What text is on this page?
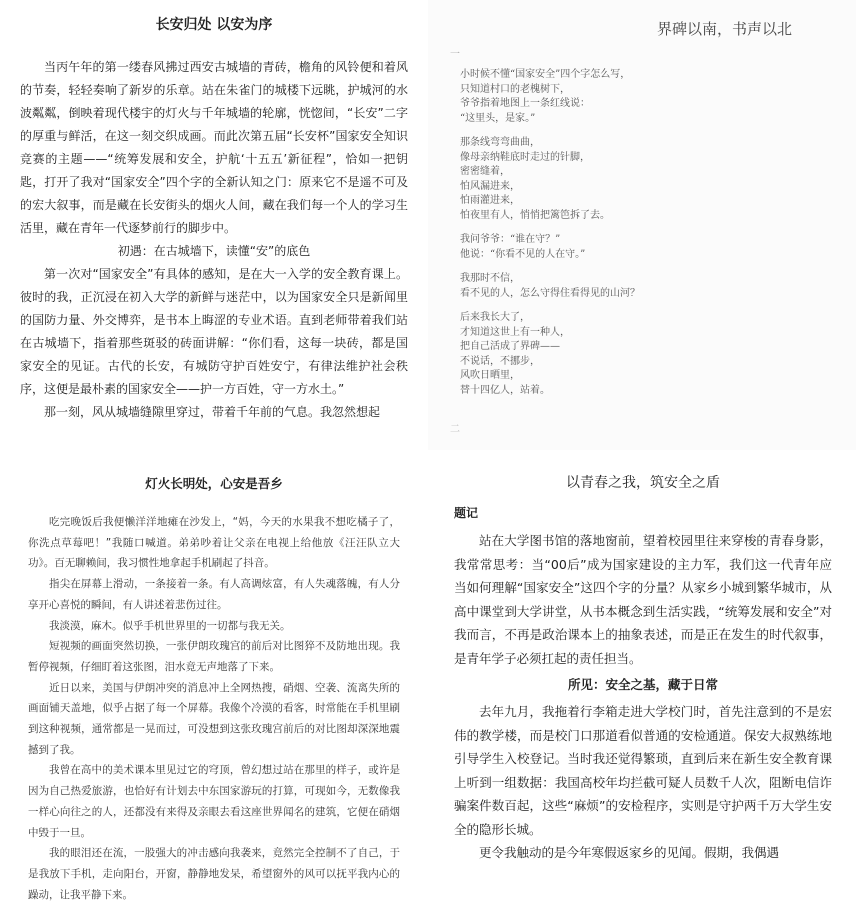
长安归处 以安为序

当丙午年的第一缕春风拂过西安古城墙的青砖，檐角的风铃便和着风的节奏，轻轻奏响了新岁的乐章。站在朱雀门的城楼下远眺，护城河的水波粼粼，倒映着现代楼宇的灯火与千年城墙的轮廓，恍惚间，“长安”二字的厚重与鲜活，在这一刻交织成画。而此次第五届“长安杯”国家安全知识竞赛的主题——“统筹发展和安全，护航‘十五五’新征程”，恰如一把钥匙，打开了我对“国家安全”四个字的全新认知之门：原来它不是遥不可及的宏大叙事，而是藏在长安街头的烟火人间，藏在我们每一个人的学习生活里，藏在青年一代逐梦前行的脚步中。

初遇：在古城墙下，读懂“安”的底色

第一次对“国家安全”有具体的感知，是在大一入学的安全教育课上。彼时的我，正沉浸在初入大学的新鲜与迷茫中，以为国家安全只是新闻里的国防力量、外交博弈，是书本上晦涩的专业术语。直到老师带着我们站在古城墙下，指着那些斑驳的砖面讲解：“你们看，这每一块砖，都是国家安全的见证。古代的长安，有城防守护百姓安宁，有律法维护社会秩序，这便是最朴素的国家安全——护一方百姓，守一方水土。”

那一刻，风从城墙缝隙里穿过，带着千年前的气息。我忽然想起

界碑以南，书声以北
一
小时候不懂“国家安全”四个字怎么写，
只知道村口的老槐树下，
爷爷指着地图上一条红线说：
“这里头，是家。”
那条线弯弯曲曲，
像母亲纳鞋底时走过的针脚，
密密缝着，
怕风漏进来，
怕雨灌进来，
怕夜里有人，悄悄把篱笆拆了去。
我问爷爷：“谁在守？”
他说：“你看不见的人在守。”
我那时不信，
看不见的人，怎么守得住看得见的山河？
后来我长大了，
才知道这世上有一种人，
把自己活成了界碑——
不说话，不挪步，
风吹日晒里，
替十四亿人，站着。
二
灯火长明处，心安是吾乡

吃完晚饭后我便懒洋洋地瘫在沙发上，“妈，今天的水果我不想吃橘子了，你洗点草莓吧！”我随口喊道。弟弟吵着让父亲在电视上给他放《汪汪队立大功》。百无聊赖间，我习惯性地拿起手机刷起了抖音。

指尖在屏幕上滑动，一条接着一条。有人高调炫富，有人失魂落魄，有人分享开心喜悦的瞬间，有人讲述着悲伤过往。

我淡漠，麻木。似乎手机世界里的一切都与我无关。

短视频的画面突然切换，一张伊朗玫瑰宫的前后对比图猝不及防地出现。我暂停视频，仔细盯着这张图，泪水竟无声地落了下来。

近日以来，美国与伊朗冲突的消息冲上全网热搜，硝烟、空袭、流离失所的画面铺天盖地，似乎占据了每一个屏幕。我像个冷漠的看客，时常能在手机里刷到这种视频，通常都是一晃而过，可没想到这张玫瑰宫前后的对比图却深深地震撼到了我。

我曾在高中的美术课本里见过它的穹顶，曾幻想过站在那里的样子，或许是因为自己热爱旅游，也恰好有计划去中东国家游玩的打算，可现如今，无数像我一样心向往之的人，还都没有来得及亲眼去看这座世界闻名的建筑，它便在硝烟中毁于一旦。

我的眼泪还在流，一股强大的冲击感向我袭来，竟然完全控制不了自己，于是我放下手机，走向阳台，开窗，静静地发呆，希望窗外的风可以抚平我内心的躁动，让我平静下来。

以青春之我，筑安全之盾

题记

站在大学图书馆的落地窗前，望着校园里往来穿梭的青春身影，我常常思考：当“00后”成为国家建设的主力军，我们这一代青年应当如何理解“国家安全”这四个字的分量？从家乡小城到繁华城市，从高中课堂到大学讲堂，从书本概念到生活实践，“统筹发展和安全”对我而言，不再是政治课本上的抽象表述，而是正在发生的时代叙事，是青年学子必须扛起的责任担当。

所见：安全之基，藏于日常

去年九月，我拖着行李箱走进大学校门时，首先注意到的不是宏伟的教学楼，而是校门口那道看似普通的安检通道。保安大叔熟练地引导学生入校登记。当时我还觉得繁琐，直到后来在新生安全教育课上听到一组数据：我国高校年均拦截可疑人员数千人次，阻断电信诈骗案件数百起，这些“麻烦”的安检程序，实则是守护两千万大学生安全的隐形长城。

更令我触动的是今年寒假返家乡的见闻。假期，我偶遇
